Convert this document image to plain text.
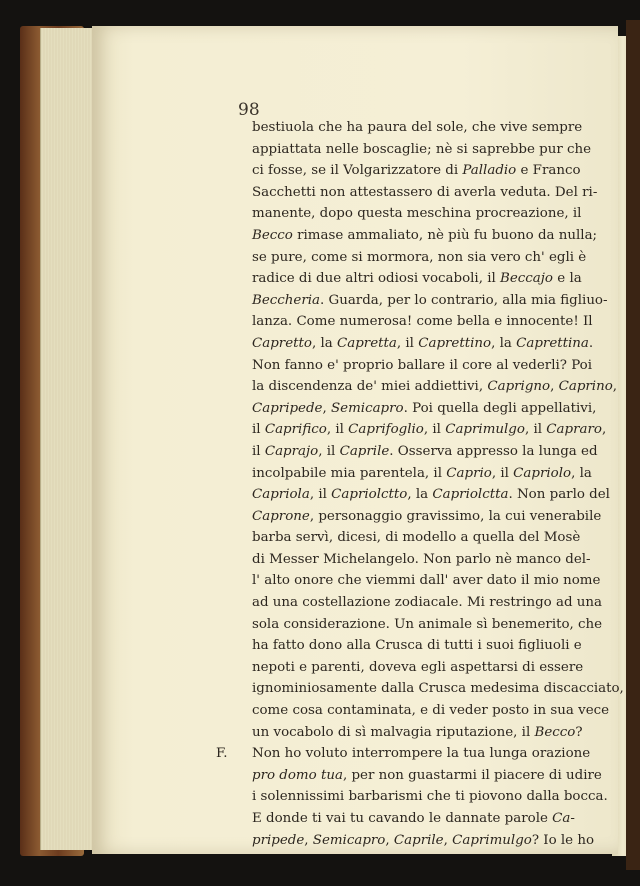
98
bestiuola che ha paura del sole, che vive sempre
appiattata nelle boscaglie; nè si saprebbe pur che
ci fosse, se il Volgarizzatore di Palladio e Franco
Sacchetti non attestassero di averla veduta. Del ri-
manente, dopo questa meschina procreazione, il
Becco rimase ammaliato, nè più fu buono da nulla;
se pure, come si mormora, non sia vero ch' egli è
radice di due altri odiosi vocaboli, il Beccajo e la
Beccheria. Guarda, per lo contrario, alla mia figliuo-
lanza. Come numerosa! come bella e innocente! Il
Capretto, la Capretta, il Caprettino, la Caprettina.
Non fanno e' proprio ballare il core al vederli? Poi
la discendenza de' miei addiettivi, Caprigno, Caprino,
Capripede, Semicapro. Poi quella degli appellativi,
il Caprifico, il Caprifoglio, il Caprimulgo, il Capraro,
il Caprajo, il Caprile. Osserva appresso la lunga ed
incolpabile mia parentela, il Caprio, il Capriolo, la
Capriola, il Capriolctto, la Capriolctta. Non parlo del
Caprone, personaggio gravissimo, la cui venerabile
barba servì, dicesi, di modello a quella del Mosè
di Messer Michelangelo. Non parlo nè manco del-
l' alto onore che viemmi dall' aver dato il mio nome
ad una costellazione zodiacale. Mi restringo ad una
sola considerazione. Un animale sì benemerito, che
ha fatto dono alla Crusca di tutti i suoi figliuoli e
nepoti e parenti, doveva egli aspettarsi di essere
ignominiosamente dalla Crusca medesima discacciato,
come cosa contaminata, e di veder posto in sua vece
un vocabolo di sì malvagia riputazione, il Becco?
F. Non ho voluto interrompere la tua lunga orazione
pro domo tua, per non guastarmi il piacere di udire
i solennissimi barbarismi che ti piovono dalla bocca.
E donde ti vai tu cavando le dannate parole Ca-
pripede, Semicapro, Caprile, Caprimulgo? Io le ho
